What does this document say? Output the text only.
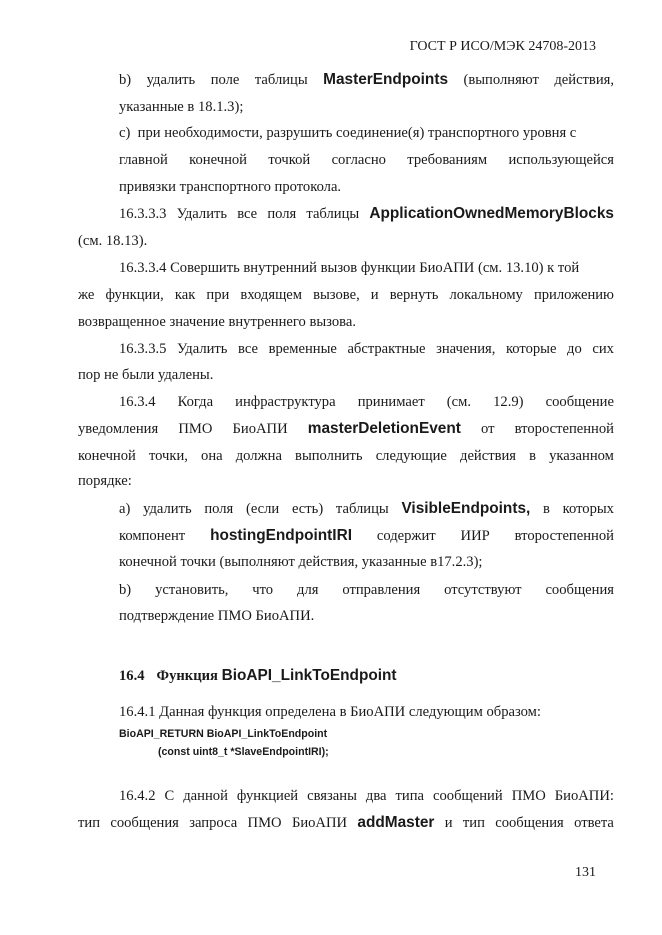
ГОСТ Р ИСО/МЭК 24708-2013
b) удалить поле таблицы MasterEndpoints (выполняют действия,
указанные в 18.1.3);
c) при необходимости, разрушить соединение(я) транспортного уровня с
главной конечной точкой согласно требованиям использующейся
привязки транспортного протокола.
16.3.3.3 Удалить все поля таблицы ApplicationOwnedMemoryBlocks
(см. 18.13).
16.3.3.4 Совершить внутренний вызов функции БиоАПИ (см. 13.10) к той
же функции, как при входящем вызове, и вернуть локальному приложению
возвращенное значение внутреннего вызова.
16.3.3.5 Удалить все временные абстрактные значения, которые до сих
пор не были удалены.
16.3.4 Когда инфраструктура принимает (см. 12.9) сообщение
уведомления ПМО БиоАПИ masterDeletionEvent от второстепенной
конечной точки, она должна выполнить следующие действия в указанном
порядке:
а) удалить поля (если есть) таблицы VisibleEndpoints, в которых
компонент hostingEndpointIRI содержит ИИР второстепенной
конечной точки (выполняют действия, указанные в17.2.3);
b) установить, что для отправления отсутствуют сообщения
подтверждение ПМО БиоАПИ.
16.4 Функция BioAPI_LinkToEndpoint
16.4.1 Данная функция определена в БиоАПИ следующим образом:
BioAPI_RETURN BioAPI_LinkToEndpoint
(const uint8_t *SlaveEndpointIRI);
16.4.2 С данной функцией связаны два типа сообщений ПМО БиоАПИ:
тип сообщения запроса ПМО БиоАПИ addMaster и тип сообщения ответа
131
